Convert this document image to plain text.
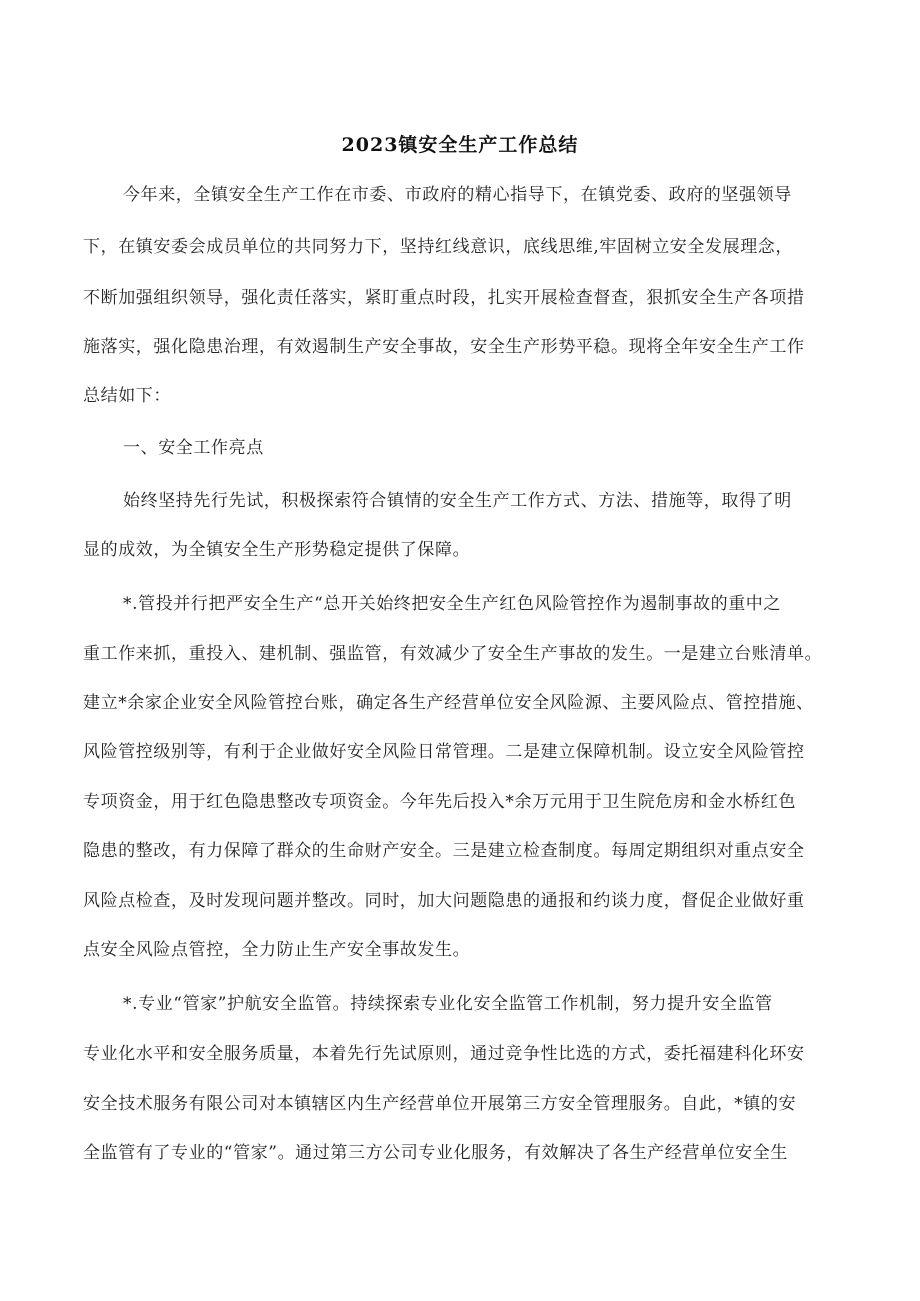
2023镇安全生产工作总结
今年来，全镇安全生产工作在市委、市政府的精心指导下，在镇党委、政府的坚强领导
下，在镇安委会成员单位的共同努力下，坚持红线意识，底线思维,牢固树立安全发展理念，
不断加强组织领导，强化责任落实，紧盯重点时段，扎实开展检查督查，狠抓安全生产各项措
施落实，强化隐患治理，有效遏制生产安全事故，安全生产形势平稳。现将全年安全生产工作
总结如下：
一、安全工作亮点
始终坚持先行先试，积极探索符合镇情的安全生产工作方式、方法、措施等，取得了明
显的成效，为全镇安全生产形势稳定提供了保障。
*.管投并行把严安全生产“总开关始终把安全生产红色风险管控作为遏制事故的重中之
重工作来抓，重投入、建机制、强监管，有效减少了安全生产事故的发生。一是建立台账清单。
建立*余家企业安全风险管控台账，确定各生产经营单位安全风险源、主要风险点、管控措施、
风险管控级别等，有利于企业做好安全风险日常管理。二是建立保障机制。设立安全风险管控
专项资金，用于红色隐患整改专项资金。今年先后投入*余万元用于卫生院危房和金水桥红色
隐患的整改，有力保障了群众的生命财产安全。三是建立检查制度。每周定期组织对重点安全
风险点检查，及时发现问题并整改。同时，加大问题隐患的通报和约谈力度，督促企业做好重
点安全风险点管控，全力防止生产安全事故发生。
*.专业“管家”护航安全监管。持续探索专业化安全监管工作机制，努力提升安全监管
专业化水平和安全服务质量，本着先行先试原则，通过竞争性比选的方式，委托福建科化环安
安全技术服务有限公司对本镇辖区内生产经营单位开展第三方安全管理服务。自此，*镇的安
全监管有了专业的“管家”。通过第三方公司专业化服务，有效解决了各生产经营单位安全生
